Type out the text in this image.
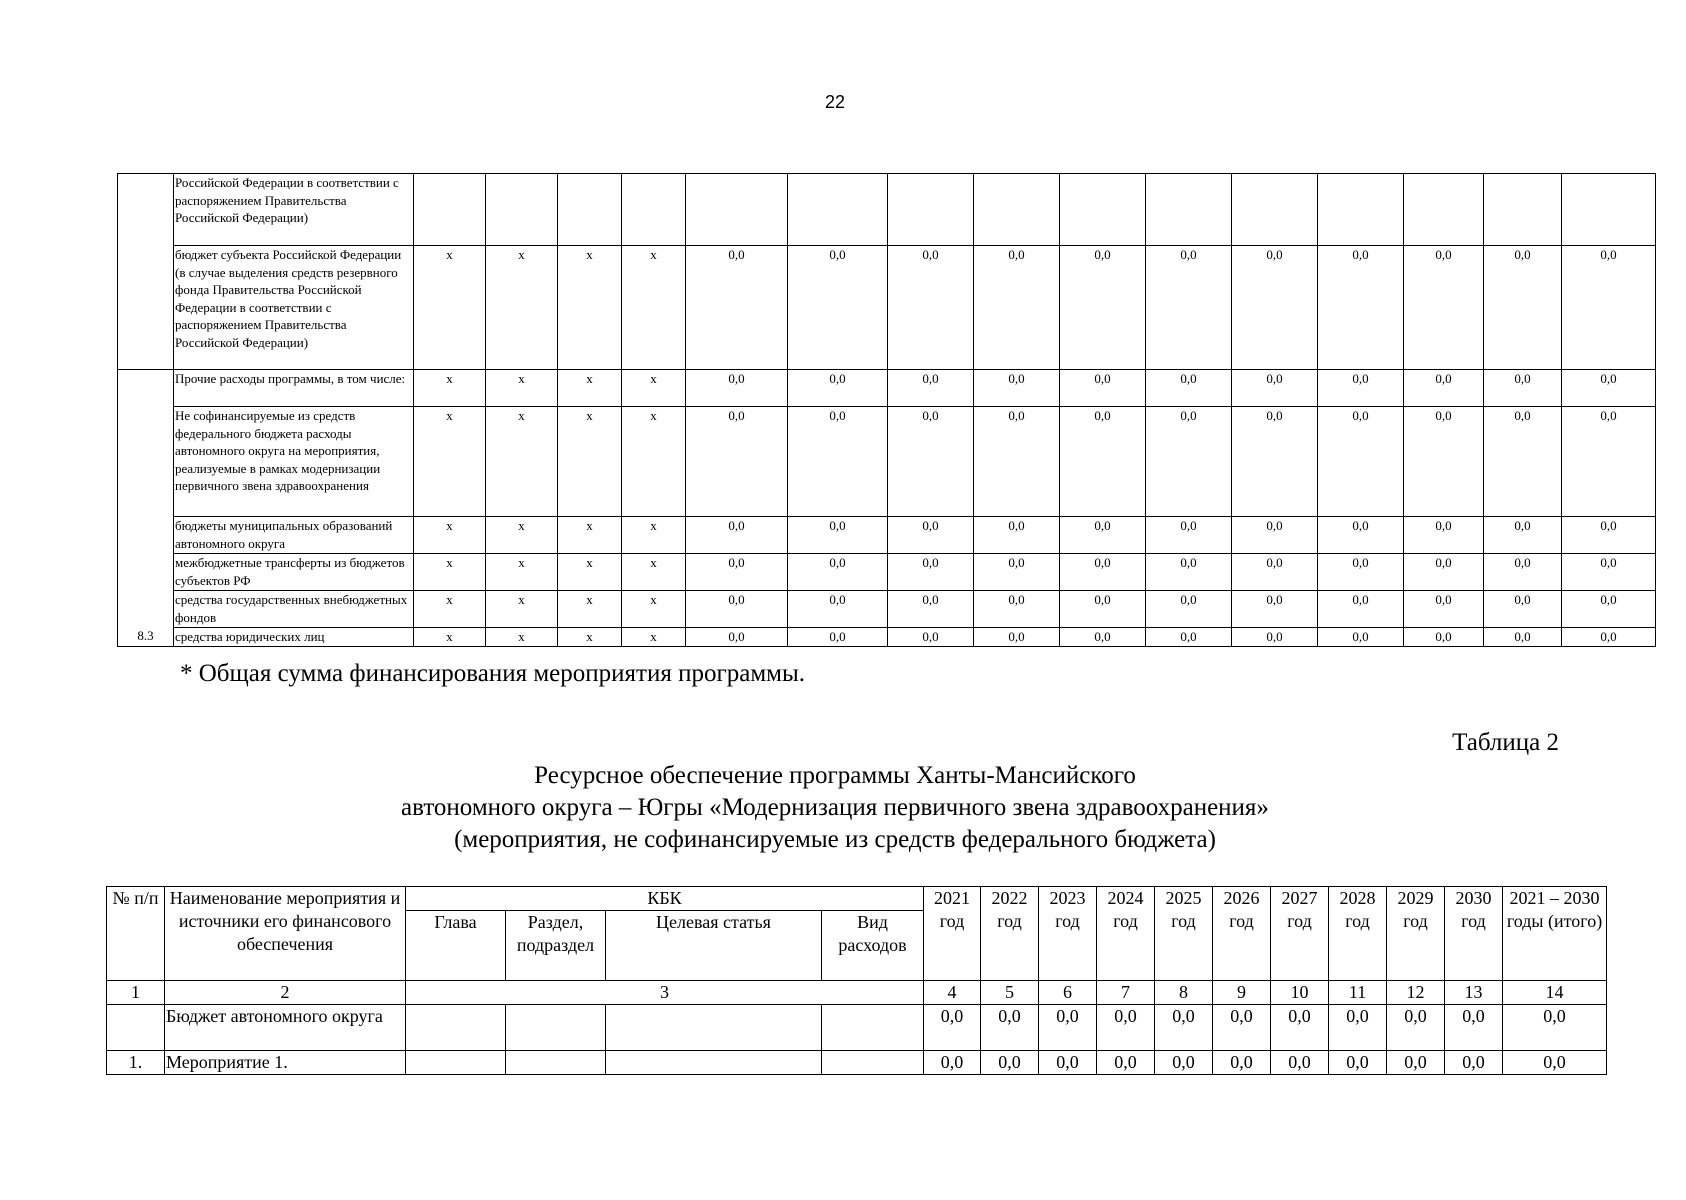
22
	Российской Федерации в соответствии с распоряжением Правительства Российской Федерации)															
	бюджет субъекта Российской Федерации (в случае выделения средств резервного фонда Правительства Российской Федерации в соответствии с распоряжением Правительства Российской Федерации)	х	х	х	х	0,0	0,0	0,0	0,0	0,0	0,0	0,0	0,0	0,0	0,0	0,0
8.3	Прочие расходы программы, в том числе:	х	х	х	х	0,0	0,0	0,0	0,0	0,0	0,0	0,0	0,0	0,0	0,0	0,0
	Не софинансируемые из средств федерального бюджета расходы автономного округа на мероприятия, реализуемые в рамках модернизации первичного звена здравоохранения	х	х	х	х	0,0	0,0	0,0	0,0	0,0	0,0	0,0	0,0	0,0	0,0	0,0
	бюджеты муниципальных образований автономного округа	х	х	х	х	0,0	0,0	0,0	0,0	0,0	0,0	0,0	0,0	0,0	0,0	0,0
	межбюджетные трансферты из бюджетов субъектов РФ	х	х	х	х	0,0	0,0	0,0	0,0	0,0	0,0	0,0	0,0	0,0	0,0	0,0
	средства государственных внебюджетных фондов	х	х	х	х	0,0	0,0	0,0	0,0	0,0	0,0	0,0	0,0	0,0	0,0	0,0
	средства юридических лиц	х	х	х	х	0,0	0,0	0,0	0,0	0,0	0,0	0,0	0,0	0,0	0,0	0,0
* Общая сумма финансирования мероприятия программы.
Таблица 2
Ресурсное обеспечение программы Ханты-Мансийского
автономного округа – Югры «Модернизация первичного звена здравоохранения»
(мероприятия, не софинансируемые из средств федерального бюджета)
№ п/п	Наименование мероприятия и источники его финансового обеспечения	КБК				2021 год	2022 год	2023 год	2024 год	2025 год	2026 год	2027 год	2028 год	2029 год	2030 год	2021 – 2030 годы (итого)
		Глава	Раздел, подраздел	Целевая статья	Вид расходов											
1	2	3				4	5	6	7	8	9	10	11	12	13	14
	Бюджет автономного округа					0,0	0,0	0,0	0,0	0,0	0,0	0,0	0,0	0,0	0,0	0,0
1.	Мероприятие 1.					0,0	0,0	0,0	0,0	0,0	0,0	0,0	0,0	0,0	0,0	0,0
